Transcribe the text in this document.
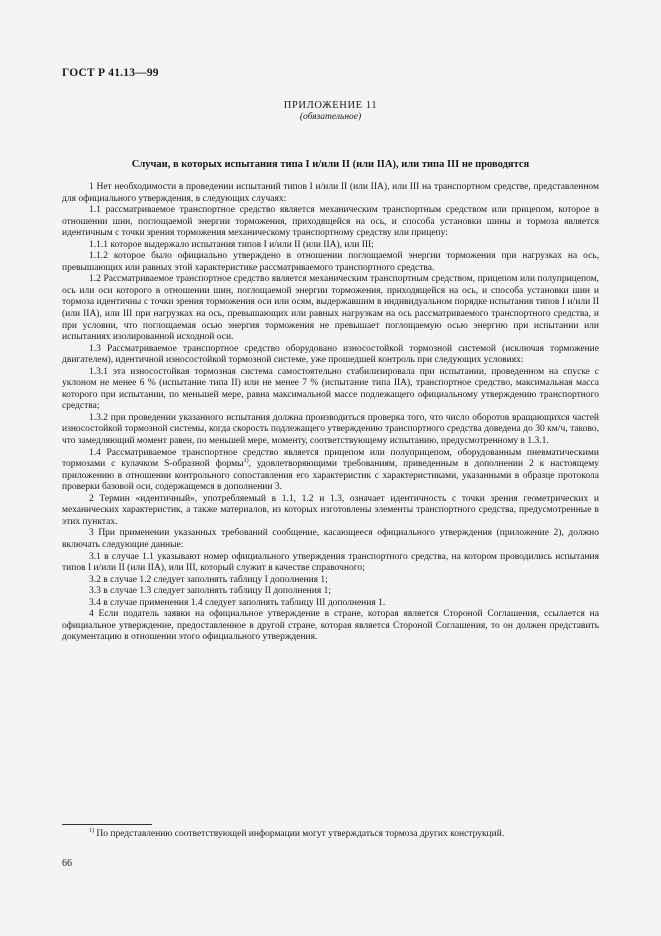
ГОСТ Р 41.13—99
ПРИЛОЖЕНИЕ 11
(обязательное)
Случаи, в которых испытания типа I и/или II (или IIА), или типа III не проводятся

1 Нет необходимости в проведении испытаний типов I и/или II (или IIА), или III на транспортном средстве, представленном для официального утверждения, в следующих случаях:

1.1 рассматриваемое транспортное средство является механическим транспортным средством или прицепом, которое в отношении шин, поглощаемой энергии торможения, приходящейся на ось, и способа установки шины и тормоза является идентичным с точки зрения торможения механическому транспортному средству или прицепу:

1.1.1 которое выдержало испытания типов I и/или II (или IIА), или III;

1.1.2 которое было официально утверждено в отношении поглощаемой энергии торможения при нагрузках на ось, превышающих или равных этой характеристике рассматриваемого транспортного средства.

1.2 Рассматриваемое транспортное средство является механическим транспортным средством, прицепом или полуприцепом, ось или оси которого в отношении шин, поглощаемой энергии торможения, приходящейся на ось, и способа установки шин и тормоза идентичны с точки зрения торможения оси или осям, выдержавшим в индивидуальном порядке испытания типов I и/или II (или IIА), или III при нагрузках на ось, превышающих или равных нагрузкам на ось рассматриваемого транспортного средства, и при условии, что поглощаемая осью энергия торможения не превышает поглощаемую осью энергию при испытании или испытаниях изолированной исходной оси.

1.3 Рассматриваемое транспортное средство оборудовано износостойкой тормозной системой (исключая торможение двигателем), идентичной износостойкой тормозной системе, уже прошедшей контроль при следующих условиях:

1.3.1 эта износостойкая тормозная система самостоятельно стабилизировала при испытании, проведенном на спуске с уклоном не менее 6 % (испытание типа II) или не менее 7 % (испытание типа IIА), транспортное средство, максимальная масса которого при испытании, по меньшей мере, равна максимальной массе подлежащего официальному утверждению транспортного средства;

1.3.2 при проведении указанного испытания должна производиться проверка того, что число оборотов вращающихся частей износостойкой тормозной системы, когда скорость подлежащего утверждению транспортного средства доведена до 30 км/ч, таково, что замедляющий момент равен, по меньшей мере, моменту, соответствующему испытанию, предусмотренному в 1.3.1.

1.4 Рассматриваемое транспортное средство является прицепом или полуприцепом, оборудованным пневматическими тормозами с кулачком S-образной формы$^{1)}$, удовлетворяющими требованиям, приведенным в дополнении 2 к настоящему приложению в отношении контрольного сопоставления его характеристик с характеристиками, указанными в образце протокола проверки базовой оси, содержащемся в дополнении 3.

2 Термин «идентичный», употребляемый в 1.1, 1.2 и 1.3, означает идентичность с точки зрения геометрических и механических характеристик, а также материалов, из которых изготовлены элементы транспортного средства, предусмотренные в этих пунктах.

3 При применении указанных требований сообщение, касающееся официального утверждения (приложение 2), должно включать следующие данные:

3.1 в случае 1.1 указывают номер официального утверждения транспортного средства, на котором проводились испытания типов I и/или II (или IIА), или III, который служит в качестве справочного;

3.2 в случае 1.2 следует заполнять таблицу I дополнения 1;

3.3 в случае 1.3 следует заполнять таблицу II дополнения 1;

3.4 в случае применения 1.4 следует заполнять таблицу III дополнения 1.

4 Если податель заявки на официальное утверждение в стране, которая является Стороной Соглашения, ссылается на официальное утверждение, предоставленное в другой стране, которая является Стороной Соглашения, то он должен представить документацию в отношении этого официального утверждения.

$^{1)}$ По представлению соответствующей информации могут утверждаться тормоза других конструкций.

66
